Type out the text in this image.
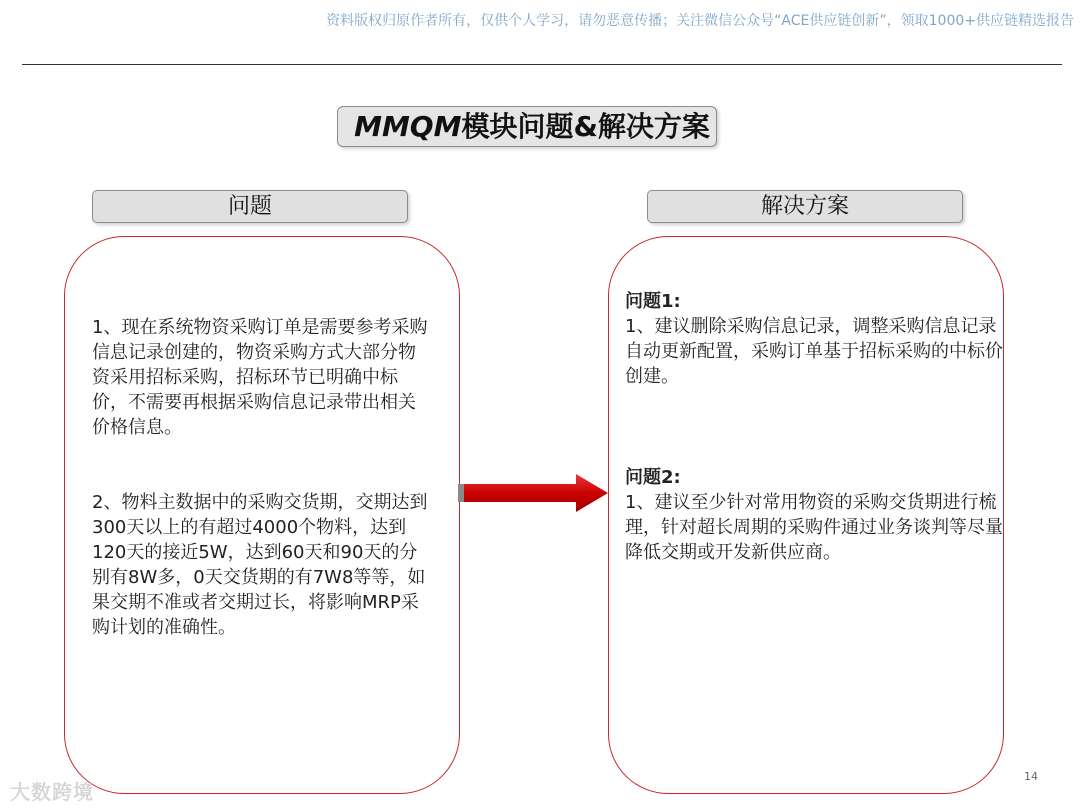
资料版权归原作者所有，仅供个人学习，请勿恶意传播；关注微信公众号“ACE供应链创新”，领取1000+供应链精选报告
MMQM模块问题&解决方案
问题	解决方案
1、现在系统物资采购订单是需要参考采购信息记录创建的，物资采购方式大部分物资采用招标采购，招标环节已明确中标价，不需要再根据采购信息记录带出相关价格信息。
2、物料主数据中的采购交货期，交期达到300天以上的有超过4000个物料，达到120天的接近5W，达到60天和90天的分别有8W多，0天交货期的有7W8等等，如果交期不准或者交期过长，将影响MRP采购计划的准确性。
问题1:
1、建议删除采购信息记录，调整采购信息记录自动更新配置，采购订单基于招标采购的中标价创建。
问题2:
1、建议至少针对常用物资的采购交货期进行梳理，针对超长周期的采购件通过业务谈判等尽量降低交期或开发新供应商。
14
大数跨境
